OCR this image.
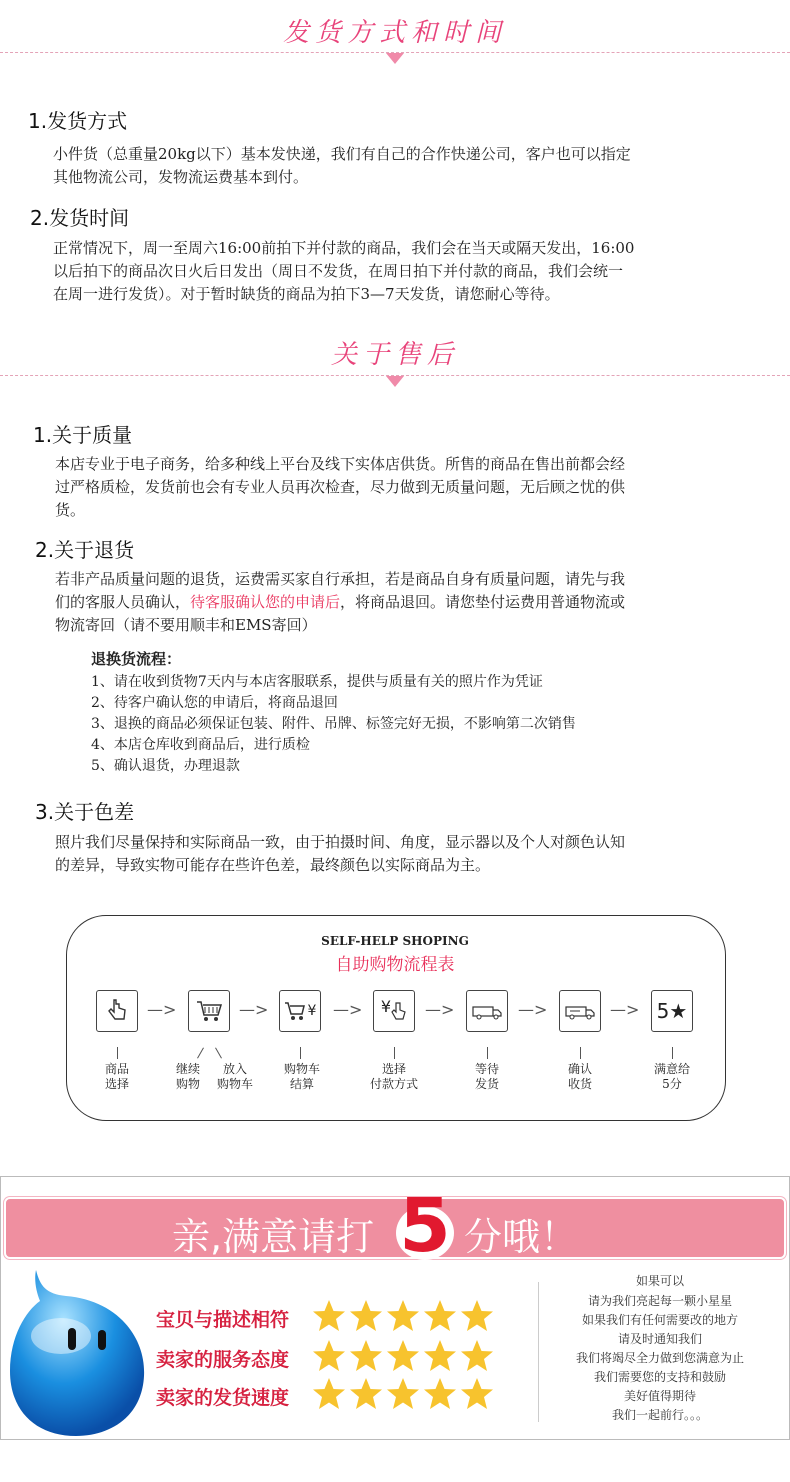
发货方式和时间
1.发货方式
小件货（总重量20kg以下）基本发快递，我们有自己的合作快递公司，客户也可以指定
其他物流公司，发物流运费基本到付。
2.发货时间
正常情况下，周一至周六16:00前拍下并付款的商品，我们会在当天或隔天发出，16:00
以后拍下的商品次日火后日发出（周日不发货，在周日拍下并付款的商品，我们会统一
在周一进行发货）。对于暂时缺货的商品为拍下3—7天发货，请您耐心等待。
关于售后
1.关于质量
本店专业于电子商务，给多种线上平台及线下实体店供货。所售的商品在售出前都会经
过严格质检，发货前也会有专业人员再次检查，尽力做到无质量问题，无后顾之忧的供
货。
2.关于退货
若非产品质量问题的退货，运费需买家自行承担，若是商品自身有质量问题，请先与我
们的客服人员确认，待客服确认您的申请后，将商品退回。请您垫付运费用普通物流或
物流寄回（请不要用顺丰和EMS寄回）
退换货流程：
1、请在收到货物7天内与本店客服联系，提供与质量有关的照片作为凭证
2、待客户确认您的申请后，将商品退回
3、退换的商品必须保证包装、附件、吊牌、标签完好无损，不影响第二次销售
4、本店仓库收到商品后，进行质检
5、确认退货，办理退款
3.关于色差
照片我们尽量保持和实际商品一致，由于拍摄时间、角度，显示器以及个人对颜色认知
的差异，导致实物可能存在些许色差，最终颜色以实际商品为主。
SELF-HELP SHOPING
自助购物流程表
—>	—>	¥ —> ¥ —>	—>	—> 5★
商品
选择
继续
购物
放入
购物车
购物车
结算
选择
付款方式
等待
发货
确认
收货
满意给
5分
亲,满意请打 5 分哦！
宝贝与描述相符
卖家的服务态度
卖家的发货速度
如果可以
请为我们亮起每一颗小星星
如果我们有任何需要改的地方
请及时通知我们
我们将竭尽全力做到您满意为止
我们需要您的支持和鼓励
美好值得期待
我们一起前行。。。
